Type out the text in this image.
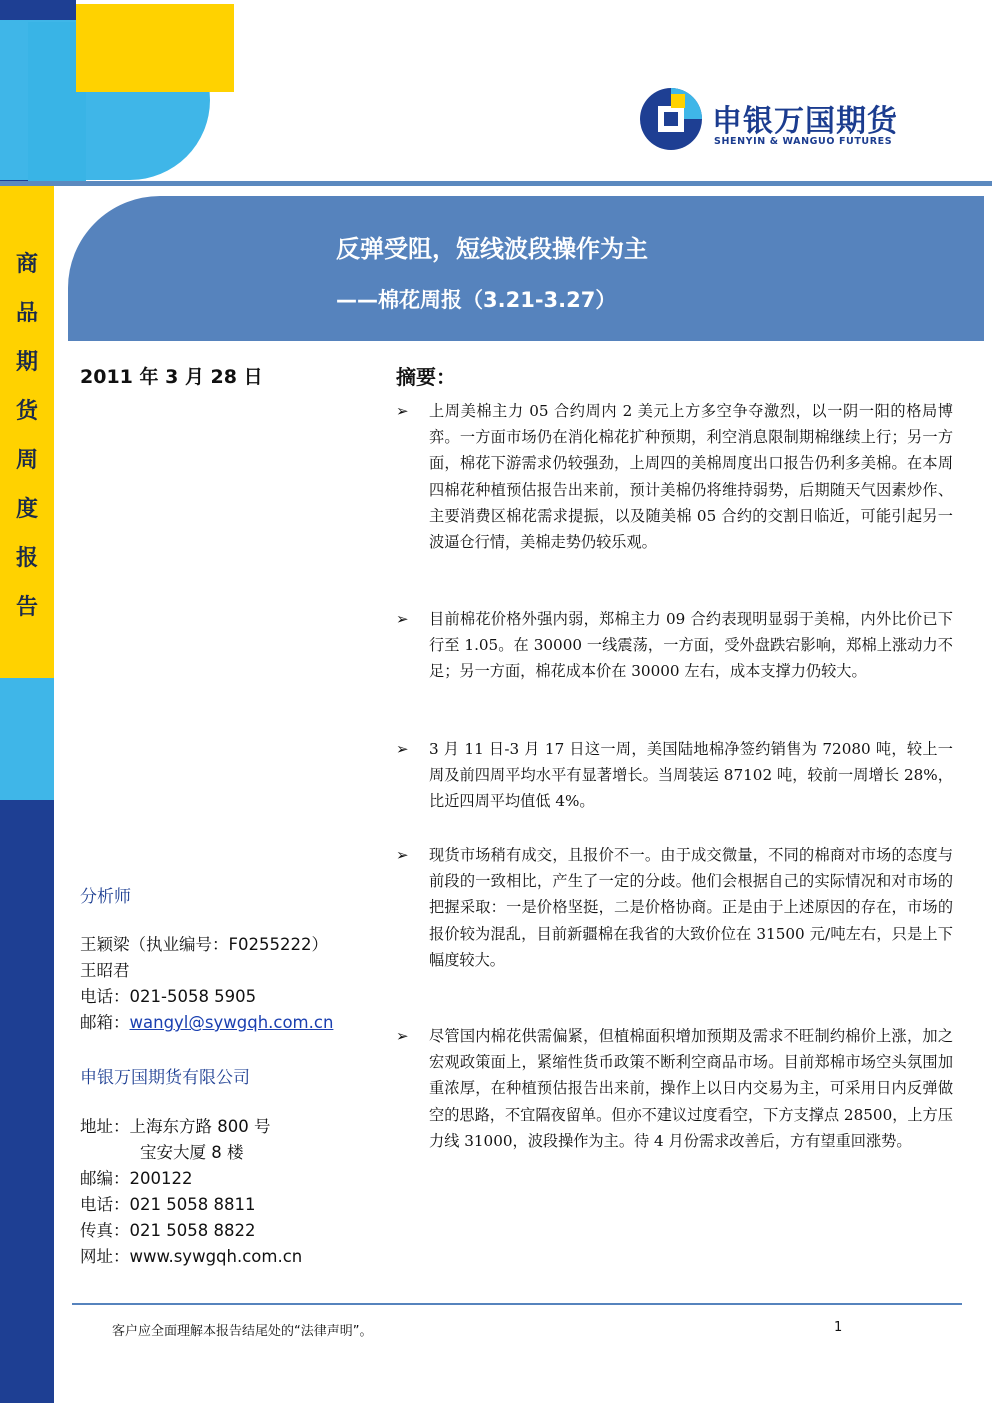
申银万国期货
SHENYIN & WANGUO FUTURES
商
品
期
货
周
度
报
告
反弹受阻，短线波段操作为主
——棉花周报（3.21-3.27）
2011 年 3 月 28 日
分析师
王颖梁（执业编号：F0255222）
王昭君
电话：021-5058 5905
邮箱：wangyl@sywgqh.com.cn
申银万国期货有限公司
地址：上海东方路 800 号
宝安大厦 8 楼
邮编：200122
电话：021 5058 8811
传真：021 5058 8822
网址：www.sywgqh.com.cn
摘要：
➢ 上周美棉主力 05 合约周内 2 美元上方多空争夺激烈，以一阴一阳的格局博弈。一方面市场仍在消化棉花扩种预期，利空消息限制期棉继续上行；另一方面，棉花下游需求仍较强劲，上周四的美棉周度出口报告仍利多美棉。在本周四棉花种植预估报告出来前，预计美棉仍将维持弱势，后期随天气因素炒作、主要消费区棉花需求提振，以及随美棉 05 合约的交割日临近，可能引起另一波逼仓行情，美棉走势仍较乐观。
➢ 目前棉花价格外强内弱，郑棉主力 09 合约表现明显弱于美棉，内外比价已下行至 1.05。在 30000 一线震荡，一方面，受外盘跌宕影响，郑棉上涨动力不足；另一方面，棉花成本价在 30000 左右，成本支撑力仍较大。
➢ 3 月 11 日-3 月 17 日这一周，美国陆地棉净签约销售为 72080 吨，较上一周及前四周平均水平有显著增长。当周装运 87102 吨，较前一周增长 28%，比近四周平均值低 4%。
➢ 现货市场稍有成交，且报价不一。由于成交微量，不同的棉商对市场的态度与前段的一致相比，产生了一定的分歧。他们会根据自己的实际情况和对市场的把握采取：一是价格坚挺，二是价格协商。正是由于上述原因的存在，市场的报价较为混乱，目前新疆棉在我省的大致价位在 31500 元/吨左右，只是上下幅度较大。
➢ 尽管国内棉花供需偏紧，但植棉面积增加预期及需求不旺制约棉价上涨，加之宏观政策面上，紧缩性货币政策不断利空商品市场。目前郑棉市场空头氛围加重浓厚，在种植预估报告出来前，操作上以日内交易为主，可采用日内反弹做空的思路，不宜隔夜留单。但亦不建议过度看空，下方支撑点 28500，上方压力线 31000，波段操作为主。待 4 月份需求改善后，方有望重回涨势。
客户应全面理解本报告结尾处的“法律声明”。	1
